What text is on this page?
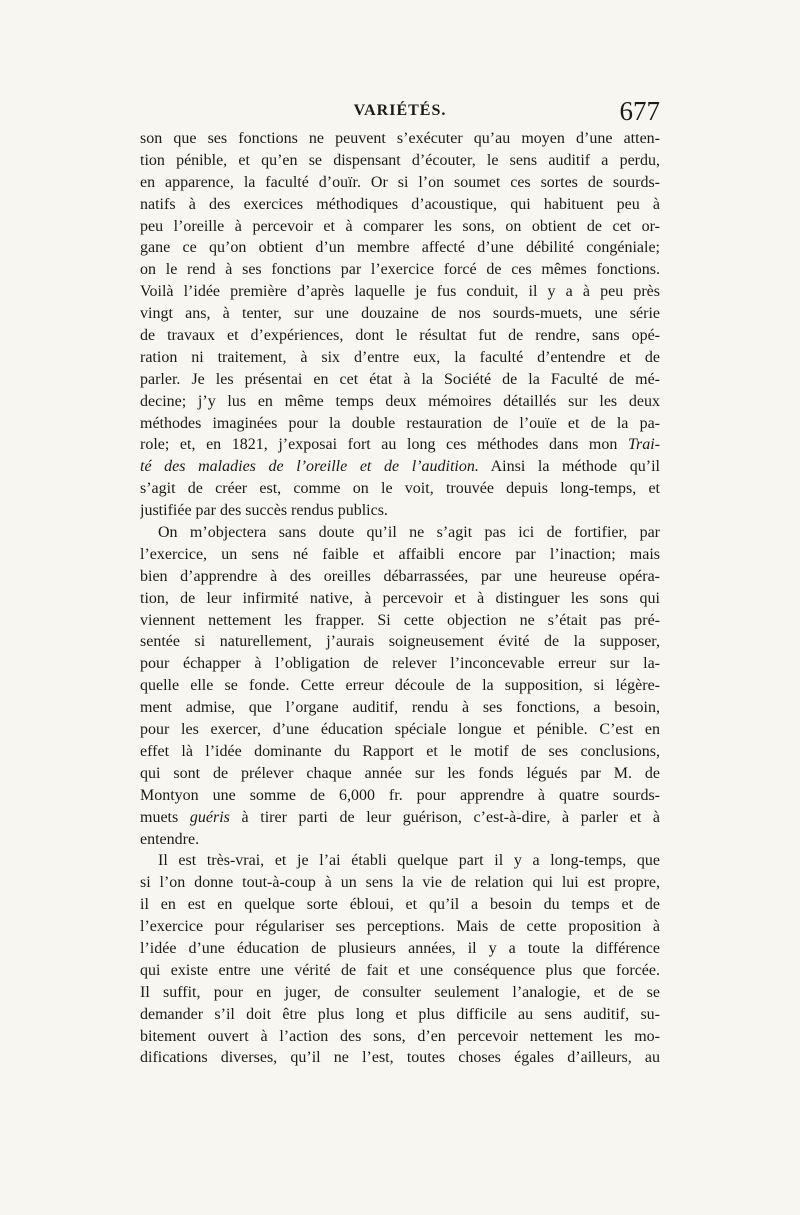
VARIÉTÉS.	677
son que ses fonctions ne peuvent s’exécuter qu’au moyen d’une atten-
tion pénible, et qu’en se dispensant d’écouter, le sens auditif a perdu,
en apparence, la faculté d’ouïr. Or si l’on soumet ces sortes de sourds-
natifs à des exercices méthodiques d’acoustique, qui habituent peu à
peu l’oreille à percevoir et à comparer les sons, on obtient de cet or-
gane ce qu’on obtient d’un membre affecté d’une débilité congéniale;
on le rend à ses fonctions par l’exercice forcé de ces mêmes fonctions.
Voilà l’idée première d’après laquelle je fus conduit, il y a à peu près
vingt ans, à tenter, sur une douzaine de nos sourds-muets, une série
de travaux et d’expériences, dont le résultat fut de rendre, sans opé-
ration ni traitement, à six d’entre eux, la faculté d’entendre et de
parler. Je les présentai en cet état à la Société de la Faculté de mé-
decine; j’y lus en même temps deux mémoires détaillés sur les deux
méthodes imaginées pour la double restauration de l’ouïe et de la pa-
role; et, en 1821, j’exposai fort au long ces méthodes dans mon Trai-
té des maladies de l’oreille et de l’audition. Ainsi la méthode qu’il
s’agit de créer est, comme on le voit, trouvée depuis long-temps, et
justifiée par des succès rendus publics.
On m’objectera sans doute qu’il ne s’agit pas ici de fortifier, par
l’exercice, un sens né faible et affaibli encore par l’inaction; mais
bien d’apprendre à des oreilles débarrassées, par une heureuse opéra-
tion, de leur infirmité native, à percevoir et à distinguer les sons qui
viennent nettement les frapper. Si cette objection ne s’était pas pré-
sentée si naturellement, j’aurais soigneusement évité de la supposer,
pour échapper à l’obligation de relever l’inconcevable erreur sur la-
quelle elle se fonde. Cette erreur découle de la supposition, si légère-
ment admise, que l’organe auditif, rendu à ses fonctions, a besoin,
pour les exercer, d’une éducation spéciale longue et pénible. C’est en
effet là l’idée dominante du Rapport et le motif de ses conclusions,
qui sont de prélever chaque année sur les fonds légués par M. de
Montyon une somme de 6,000 fr. pour apprendre à quatre sourds-
muets guéris à tirer parti de leur guérison, c’est-à-dire, à parler et à
entendre.
Il est très-vrai, et je l’ai établi quelque part il y a long-temps, que
si l’on donne tout-à-coup à un sens la vie de relation qui lui est propre,
il en est en quelque sorte ébloui, et qu’il a besoin du temps et de
l’exercice pour régulariser ses perceptions. Mais de cette proposition à
l’idée d’une éducation de plusieurs années, il y a toute la différence
qui existe entre une vérité de fait et une conséquence plus que forcée.
Il suffit, pour en juger, de consulter seulement l’analogie, et de se
demander s’il doit être plus long et plus difficile au sens auditif, su-
bitement ouvert à l’action des sons, d’en percevoir nettement les mo-
difications diverses, qu’il ne l’est, toutes choses égales d’ailleurs, au
